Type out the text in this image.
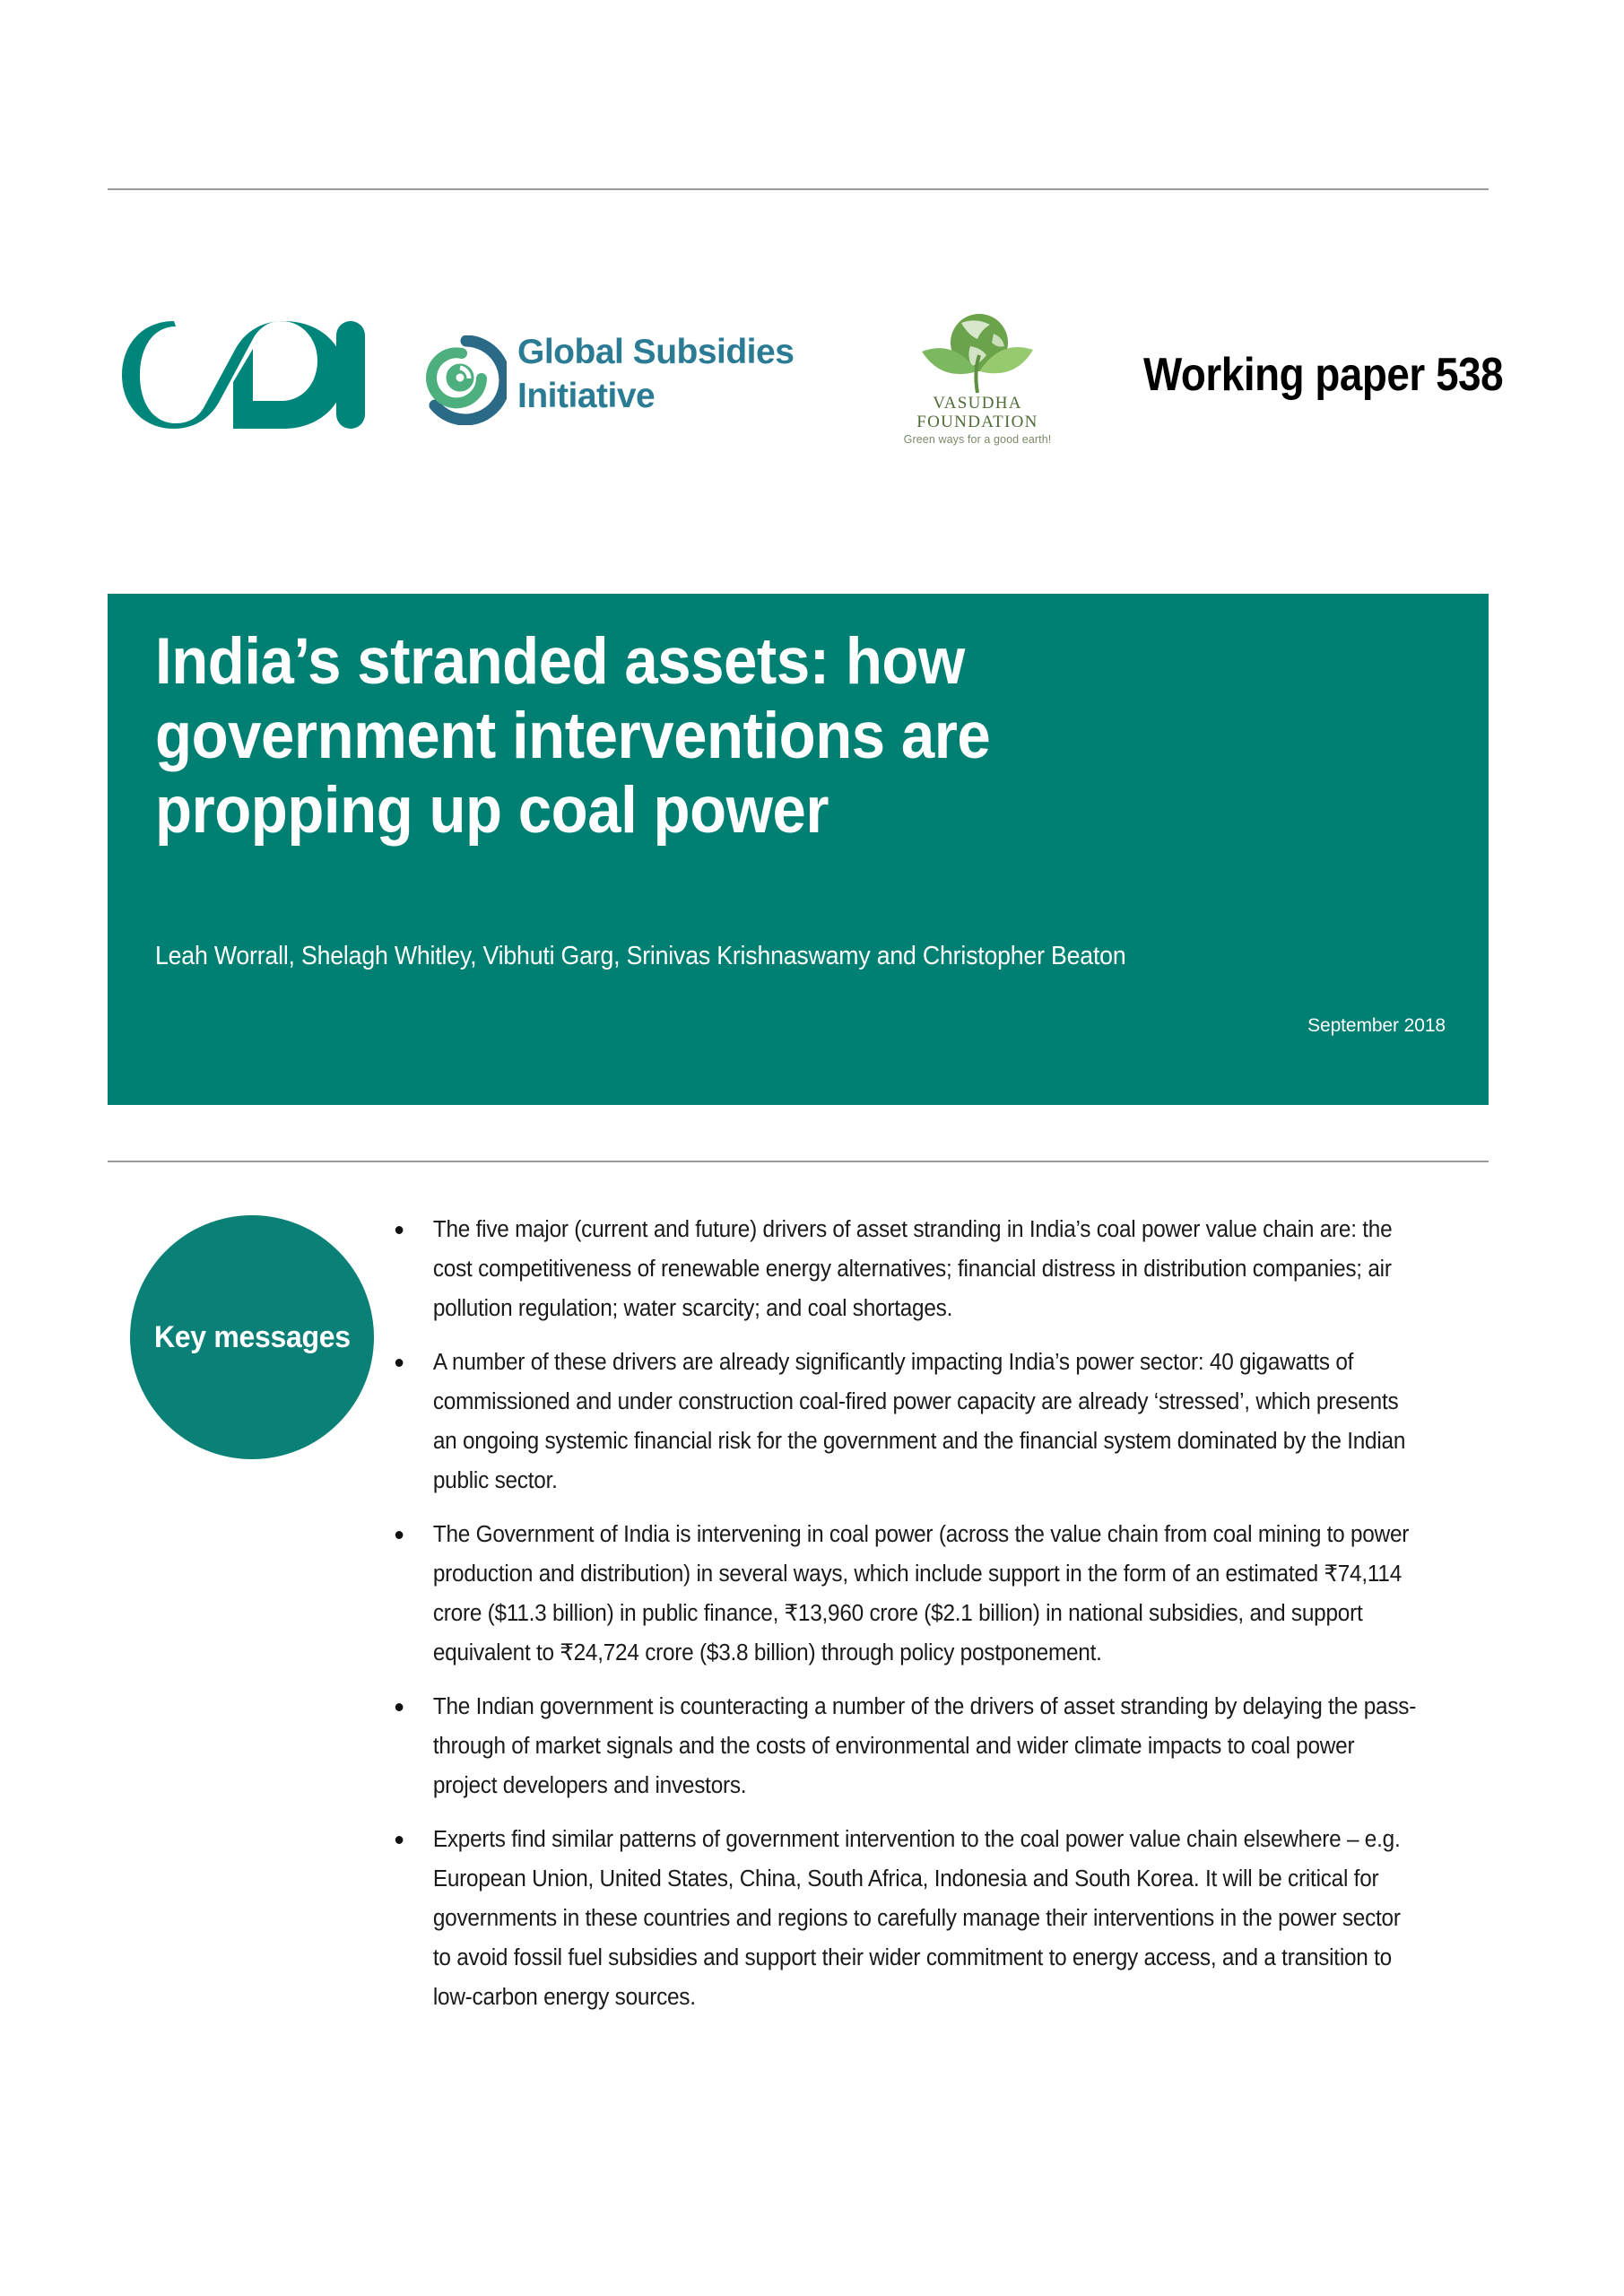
Global Subsidies
Initiative	VASUDHA
FOUNDATION
Green ways for a good earth!
Working paper 538
India’s stranded assets: how government interventions are propping up coal power
Leah Worrall, Shelagh Whitley, Vibhuti Garg, Srinivas Krishnaswamy and Christopher Beaton
September 2018
Key messages
The five major (current and future) drivers of asset stranding in India’s coal power value chain are: the cost competitiveness of renewable energy alternatives; financial distress in distribution companies; air pollution regulation; water scarcity; and coal shortages.
A number of these drivers are already significantly impacting India’s power sector: 40 gigawatts of commissioned and under construction coal-fired power capacity are already ‘stressed’, which presents an ongoing systemic financial risk for the government and the financial system dominated by the Indian public sector.
The Government of India is intervening in coal power (across the value chain from coal mining to power production and distribution) in several ways, which include support in the form of an estimated ₹74,114 crore ($11.3 billion) in public finance, ₹13,960 crore ($2.1 billion) in national subsidies, and support equivalent to ₹24,724 crore ($3.8 billion) through policy postponement.
The Indian government is counteracting a number of the drivers of asset stranding by delaying the pass-through of market signals and the costs of environmental and wider climate impacts to coal power project developers and investors.
Experts find similar patterns of government intervention to the coal power value chain elsewhere – e.g. European Union, United States, China, South Africa, Indonesia and South Korea. It will be critical for governments in these countries and regions to carefully manage their interventions in the power sector to avoid fossil fuel subsidies and support their wider commitment to energy access, and a transition to low-carbon energy sources.
